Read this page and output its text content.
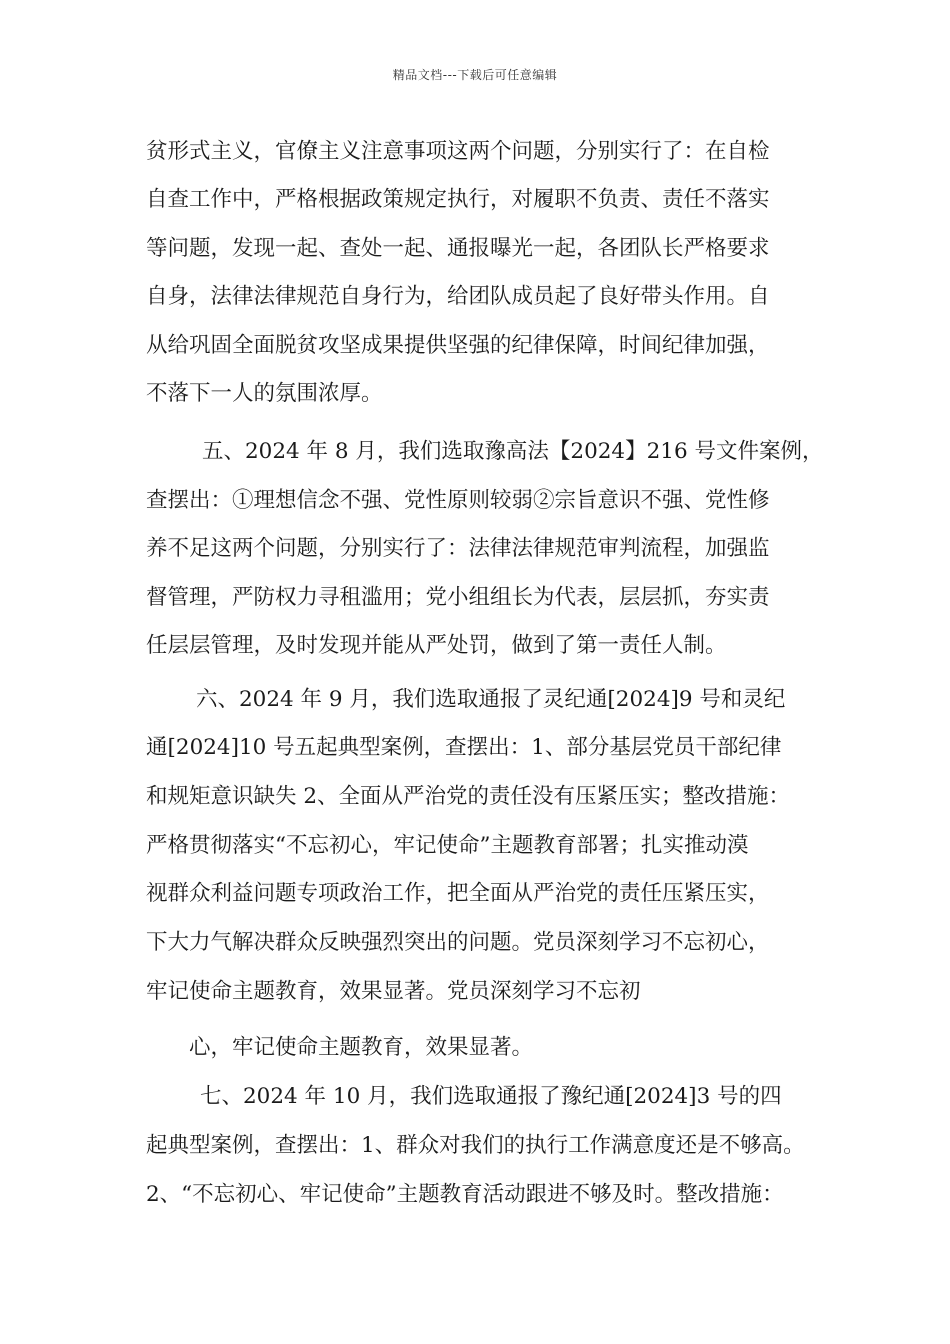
精品文档---下载后可任意编辑
贫形式主义，官僚主义注意事项这两个问题，分别实行了：在自检
自查工作中，严格根据政策规定执行，对履职不负责、责任不落实
等问题，发现一起、查处一起、通报曝光一起，各团队长严格要求
自身，法律法律规范自身行为，给团队成员起了良好带头作用。自
从给巩固全面脱贫攻坚成果提供坚强的纪律保障，时间纪律加强，
不落下一人的氛围浓厚。
五、2024 年 8 月，我们选取豫高法【2024】216 号文件案例，
查摆出：①理想信念不强、党性原则较弱②宗旨意识不强、党性修
养不足这两个问题，分别实行了：法律法律规范审判流程，加强监
督管理，严防权力寻租滥用；党小组组长为代表，层层抓，夯实责
任层层管理，及时发现并能从严处罚，做到了第一责任人制。
六、2024 年 9 月，我们选取通报了灵纪通[2024]9 号和灵纪
通[2024]10 号五起典型案例，查摆出：1、部分基层党员干部纪律
和规矩意识缺失 2、全面从严治党的责任没有压紧压实；整改措施：
严格贯彻落实“不忘初心，牢记使命”主题教育部署；扎实推动漠
视群众利益问题专项政治工作，把全面从严治党的责任压紧压实，
下大力气解决群众反映强烈突出的问题。党员深刻学习不忘初心，
牢记使命主题教育，效果显著。党员深刻学习不忘初
心，牢记使命主题教育，效果显著。
七、2024 年 10 月，我们选取通报了豫纪通[2024]3 号的四
起典型案例，查摆出：1、群众对我们的执行工作满意度还是不够高。
2、“不忘初心、牢记使命”主题教育活动跟进不够及时。整改措施：
